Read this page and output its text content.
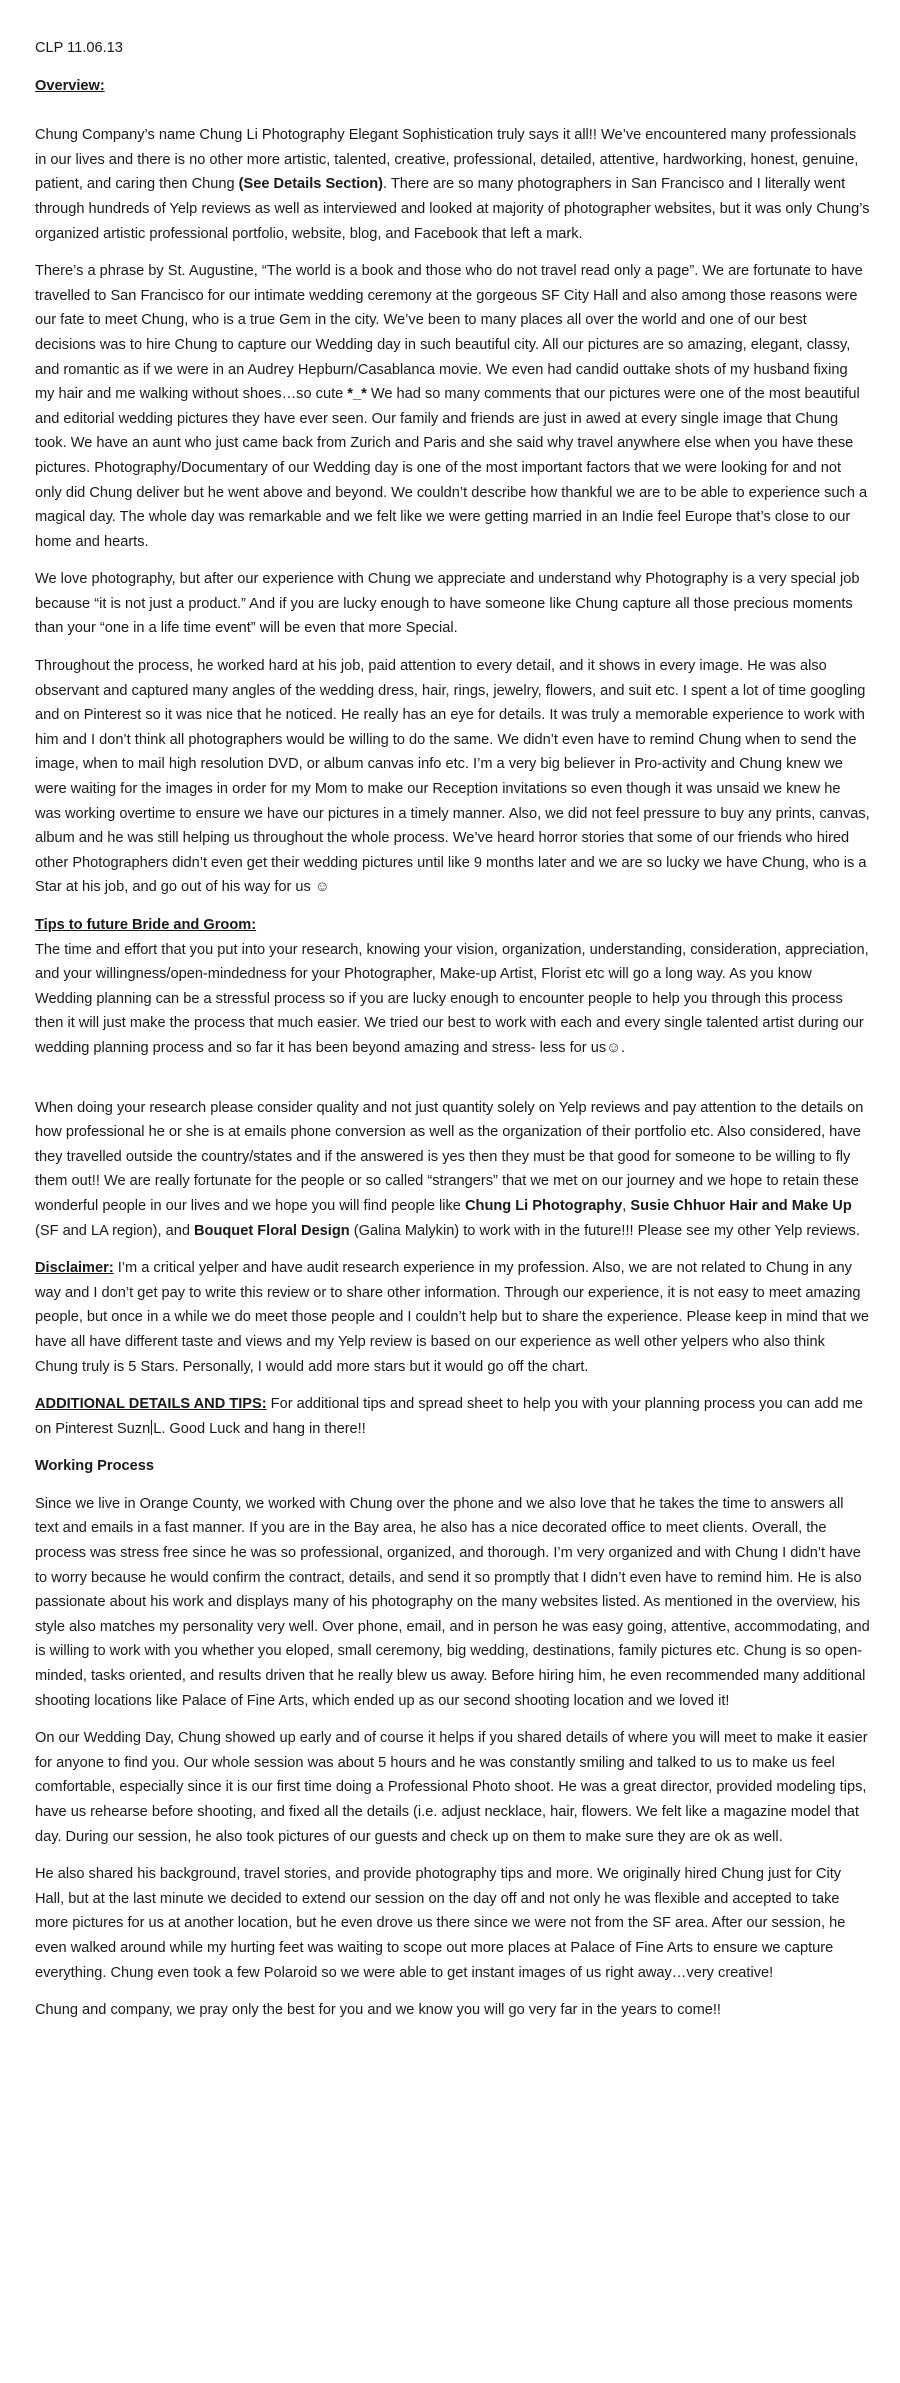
CLP 11.06.13

Overview:

Chung Company’s name Chung Li Photography Elegant Sophistication truly says it all!! We’ve encountered many professionals in our lives and there is no other more artistic, talented, creative, professional, detailed, attentive, hardworking, honest, genuine, patient, and caring then Chung (See Details Section). There are so many photographers in San Francisco and I literally went through hundreds of Yelp reviews as well as interviewed and looked at majority of photographer websites, but it was only Chung’s organized artistic professional portfolio, website, blog, and Facebook that left a mark.

There’s a phrase by St. Augustine, “The world is a book and those who do not travel read only a page”. We are fortunate to have travelled to San Francisco for our intimate wedding ceremony at the gorgeous SF City Hall and also among those reasons were our fate to meet Chung, who is a true Gem in the city. We’ve been to many places all over the world and one of our best decisions was to hire Chung to capture our Wedding day in such beautiful city. All our pictures are so amazing, elegant, classy, and romantic as if we were in an Audrey Hepburn/Casablanca movie. We even had candid outtake shots of my husband fixing my hair and me walking without shoes…so cute *_* We had so many comments that our pictures were one of the most beautiful and editorial wedding pictures they have ever seen. Our family and friends are just in awed at every single image that Chung took. We have an aunt who just came back from Zurich and Paris and she said why travel anywhere else when you have these pictures. Photography/Documentary of our Wedding day is one of the most important factors that we were looking for and not only did Chung deliver but he went above and beyond. We couldn’t describe how thankful we are to be able to experience such a magical day. The whole day was remarkable and we felt like we were getting married in an Indie feel Europe that’s close to our home and hearts.

We love photography, but after our experience with Chung we appreciate and understand why Photography is a very special job because “it is not just a product.” And if you are lucky enough to have someone like Chung capture all those precious moments than your “one in a life time event” will be even that more Special.

Throughout the process, he worked hard at his job, paid attention to every detail, and it shows in every image. He was also observant and captured many angles of the wedding dress, hair, rings, jewelry, flowers, and suit etc. I spent a lot of time googling and on Pinterest so it was nice that he noticed. He really has an eye for details. It was truly a memorable experience to work with him and I don’t think all photographers would be willing to do the same. We didn’t even have to remind Chung when to send the image, when to mail high resolution DVD, or album canvas info etc. I’m a very big believer in Pro-activity and Chung knew we were waiting for the images in order for my Mom to make our Reception invitations so even though it was unsaid we knew he was working overtime to ensure we have our pictures in a timely manner. Also, we did not feel pressure to buy any prints, canvas, album and he was still helping us throughout the whole process. We’ve heard horror stories that some of our friends who hired other Photographers didn’t even get their wedding pictures until like 9 months later and we are so lucky we have Chung, who is a Star at his job, and go out of his way for us ☺

Tips to future Bride and Groom:

The time and effort that you put into your research, knowing your vision, organization, understanding, consideration, appreciation, and your willingness/open-mindedness for your Photographer, Make-up Artist, Florist etc will go a long way. As you know Wedding planning can be a stressful process so if you are lucky enough to encounter people to help you through this process then it will just make the process that much easier. We tried our best to work with each and every single talented artist during our wedding planning process and so far it has been beyond amazing and stress- less for us☺.

When doing your research please consider quality and not just quantity solely on Yelp reviews and pay attention to the details on how professional he or she is at emails phone conversion as well as the organization of their portfolio etc. Also considered, have they travelled outside the country/states and if the answered is yes then they must be that good for someone to be willing to fly them out!! We are really fortunate for the people or so called “strangers” that we met on our journey and we hope to retain these wonderful people in our lives and we hope you will find people like Chung Li Photography, Susie Chhuor Hair and Make Up (SF and LA region), and Bouquet Floral Design (Galina Malykin) to work with in the future!!! Please see my other Yelp reviews.

Disclaimer: I’m a critical yelper and have audit research experience in my profession. Also, we are not related to Chung in any way and I don’t get pay to write this review or to share other information. Through our experience, it is not easy to meet amazing people, but once in a while we do meet those people and I couldn’t help but to share the experience. Please keep in mind that we have all have different taste and views and my Yelp review is based on our experience as well other yelpers who also think Chung truly is 5 Stars. Personally, I would add more stars but it would go off the chart.

ADDITIONAL DETAILS AND TIPS: For additional tips and spread sheet to help you with your planning process you can add me on Pinterest Suzn L. Good Luck and hang in there!!

Working Process

Since we live in Orange County, we worked with Chung over the phone and we also love that he takes the time to answers all text and emails in a fast manner. If you are in the Bay area, he also has a nice decorated office to meet clients. Overall, the process was stress free since he was so professional, organized, and thorough. I’m very organized and with Chung I didn’t have to worry because he would confirm the contract, details, and send it so promptly that I didn’t even have to remind him. He is also passionate about his work and displays many of his photography on the many websites listed. As mentioned in the overview, his style also matches my personality very well. Over phone, email, and in person he was easy going, attentive, accommodating, and is willing to work with you whether you eloped, small ceremony, big wedding, destinations, family pictures etc. Chung is so open-minded, tasks oriented, and results driven that he really blew us away. Before hiring him, he even recommended many additional shooting locations like Palace of Fine Arts, which ended up as our second shooting location and we loved it!

On our Wedding Day, Chung showed up early and of course it helps if you shared details of where you will meet to make it easier for anyone to find you. Our whole session was about 5 hours and he was constantly smiling and talked to us to make us feel comfortable, especially since it is our first time doing a Professional Photo shoot. He was a great director, provided modeling tips, have us rehearse before shooting, and fixed all the details (i.e. adjust necklace, hair, flowers. We felt like a magazine model that day. During our session, he also took pictures of our guests and check up on them to make sure they are ok as well.

He also shared his background, travel stories, and provide photography tips and more. We originally hired Chung just for City Hall, but at the last minute we decided to extend our session on the day off and not only he was flexible and accepted to take more pictures for us at another location, but he even drove us there since we were not from the SF area. After our session, he even walked around while my hurting feet was waiting to scope out more places at Palace of Fine Arts to ensure we capture everything. Chung even took a few Polaroid so we were able to get instant images of us right away…very creative!

Chung and company, we pray only the best for you and we know you will go very far in the years to come!!
